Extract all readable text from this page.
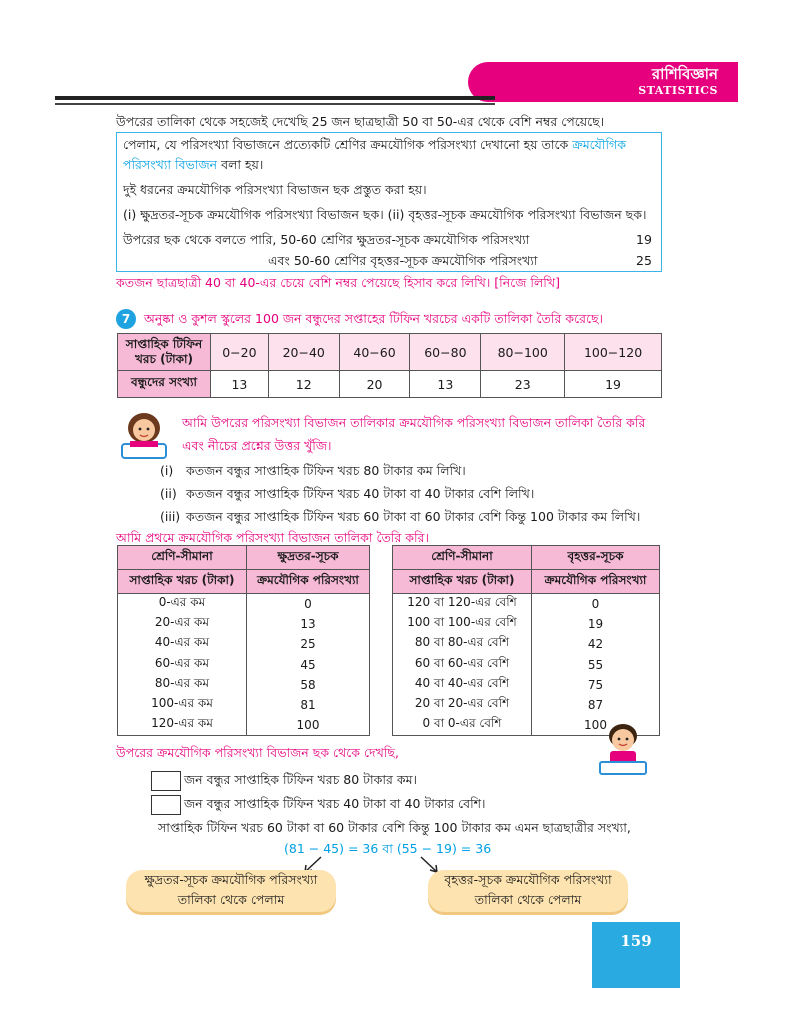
রাশিবিজ্ঞান
STATISTICS
উপরের তালিকা থেকে সহজেই দেখেছি 25 জন ছাত্রছাত্রী 50 বা 50-এর থেকে বেশি নম্বর পেয়েছে।
পেলাম, যে পরিসংখ্যা বিভাজনে প্রত্যেকটি শ্রেণির ক্রমযৌগিক পরিসংখ্যা দেখানো হয় তাকে ক্রমযৌগিক
পরিসংখ্যা বিভাজন বলা হয়।
দুই ধরনের ক্রমযৌগিক পরিসংখ্যা বিভাজন ছক প্রস্তুত করা হয়।
(i) ক্ষুদ্রতর-সূচক ক্রমযৌগিক পরিসংখ্যা বিভাজন ছক। (ii) বৃহত্তর-সূচক ক্রমযৌগিক পরিসংখ্যা বিভাজন ছক।
উপরের ছক থেকে বলতে পারি, 50-60 শ্রেণির ক্ষুদ্রতর-সূচক ক্রমযৌগিক পরিসংখ্যা	19
এবং 50-60 শ্রেণির বৃহত্তর-সূচক ক্রমযৌগিক পরিসংখ্যা	25
কতজন ছাত্রছাত্রী 40 বা 40-এর চেয়ে বেশি নম্বর পেয়েছে হিসাব করে লিখি। [নিজে লিখি]
7	অনুষ্কা ও কুশল স্কুলের 100 জন বন্ধুদের সপ্তাহের টিফিন খরচের একটি তালিকা তৈরি করেছে।
সাপ্তাহিক টিফিন খরচ (টাকা)	0−20	20−40	40−60	60−80	80−100	100−120
বন্ধুদের সংখ্যা	13	12	20	13	23	19
আমি উপরের পরিসংখ্যা বিভাজন তালিকার ক্রমযৌগিক পরিসংখ্যা বিভাজন তালিকা তৈরি করি
এবং নীচের প্রশ্নের উত্তর খুঁজি।
(i) কতজন বন্ধুর সাপ্তাহিক টিফিন খরচ 80 টাকার কম লিখি।
(ii) কতজন বন্ধুর সাপ্তাহিক টিফিন খরচ 40 টাকা বা 40 টাকার বেশি লিখি।
(iii) কতজন বন্ধুর সাপ্তাহিক টিফিন খরচ 60 টাকা বা 60 টাকার বেশি কিন্তু 100 টাকার কম লিখি।
আমি প্রথমে ক্রমযৌগিক পরিসংখ্যা বিভাজন তালিকা তৈরি করি।
শ্রেণি-সীমানা	ক্ষুদ্রতর-সূচক
সাপ্তাহিক খরচ (টাকা)	ক্রমযৌগিক পরিসংখ্যা
0-এর কম	0
20-এর কম	13
40-এর কম	25
60-এর কম	45
80-এর কম	58
100-এর কম	81
120-এর কম	100
শ্রেণি-সীমানা	বৃহত্তর-সূচক
সাপ্তাহিক খরচ (টাকা)	ক্রমযৌগিক পরিসংখ্যা
120 বা 120-এর বেশি	0
100 বা 100-এর বেশি	19
80 বা 80-এর বেশি	42
60 বা 60-এর বেশি	55
40 বা 40-এর বেশি	75
20 বা 20-এর বেশি	87
0 বা 0-এর বেশি	100
উপরের ক্রমযৌগিক পরিসংখ্যা বিভাজন ছক থেকে দেখছি,
জন বন্ধুর সাপ্তাহিক টিফিন খরচ 80 টাকার কম।
জন বন্ধুর সাপ্তাহিক টিফিন খরচ 40 টাকা বা 40 টাকার বেশি।
সাপ্তাহিক টিফিন খরচ 60 টাকা বা 60 টাকার বেশি কিন্তু 100 টাকার কম এমন ছাত্রছাত্রীর সংখ্যা,
(81 − 45) = 36 বা (55 − 19) = 36
ক্ষুদ্রতর-সূচক ক্রমযৌগিক পরিসংখ্যা
তালিকা থেকে পেলাম
বৃহত্তর-সূচক ক্রমযৌগিক পরিসংখ্যা
তালিকা থেকে পেলাম
159
